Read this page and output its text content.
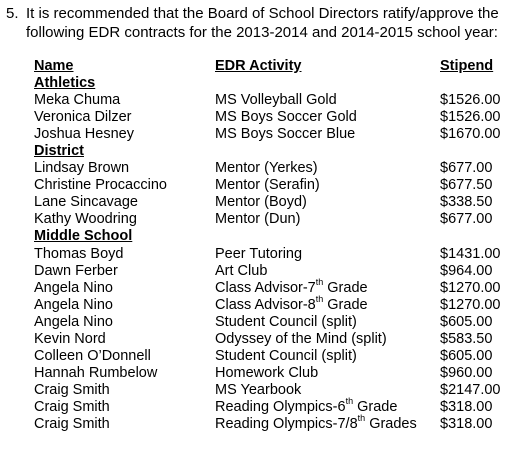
5. It is recommended that the Board of School Directors ratify/approve the following EDR contracts for the 2013-2014 and 2014-2015 school year:
Name	EDR Activity	Stipend
Athletics
Meka Chuma	MS Volleyball Gold	$1526.00
Veronica Dilzer	MS Boys Soccer Gold	$1526.00
Joshua Hesney	MS Boys Soccer Blue	$1670.00
District
Lindsay Brown	Mentor (Yerkes)	$677.00
Christine Procaccino	Mentor (Serafin)	$677.50
Lane Sincavage	Mentor (Boyd)	$338.50
Kathy Woodring	Mentor (Dun)	$677.00
Middle School
Thomas Boyd	Peer Tutoring	$1431.00
Dawn Ferber	Art Club	$964.00
Angela Nino	Class Advisor-7th Grade	$1270.00
Angela Nino	Class Advisor-8th Grade	$1270.00
Angela Nino	Student Council (split)	$605.00
Kevin Nord	Odyssey of the Mind (split)	$583.50
Colleen O’Donnell	Student Council (split)	$605.00
Hannah Rumbelow	Homework Club	$960.00
Craig Smith	MS Yearbook	$2147.00
Craig Smith	Reading Olympics-6th Grade	$318.00
Craig Smith	Reading Olympics-7/8th Grades $318.00
